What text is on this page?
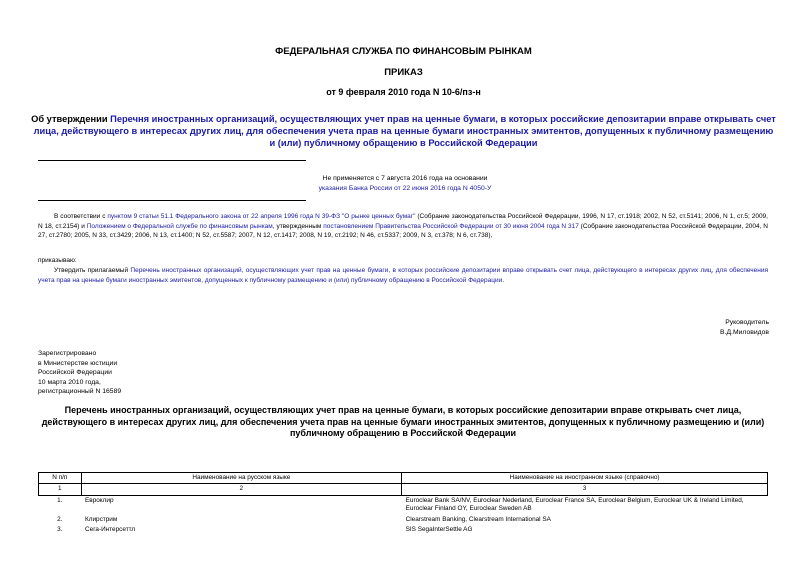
ФЕДЕРАЛЬНАЯ СЛУЖБА ПО ФИНАНСОВЫМ РЫНКАМ
ПРИКАЗ
от 9 февраля 2010 года N 10-6/пз-н
Об утверждении Перечня иностранных организаций, осуществляющих учет прав на ценные бумаги, в которых российские депозитарии вправе открывать счет лица, действующего в интересах других лиц, для обеспечения учета прав на ценные бумаги иностранных эмитентов, допущенных к публичному размещению и (или) публичному обращению в Российской Федерации
Не применяется с 7 августа 2016 года на основании
указания Банка России от 22 июня 2016 года N 4050-У
В соответствии с пунктом 9 статьи 51.1 Федерального закона от 22 апреля 1996 года N 39-ФЗ "О рынке ценных бумаг" (Собрание законодательства Российской Федерации, 1996, N 17, ст.1918; 2002, N 52, ст.5141; 2006, N 1, ст.5; 2009, N 18, ст.2154) и Положением о Федеральной службе по финансовым рынкам, утвержденным постановлением Правительства Российской Федерации от 30 июня 2004 года N 317 (Собрание законодательства Российской Федерации, 2004, N 27, ст.2780; 2005, N 33, ст.3429; 2006, N 13, ст.1400; N 52, ст.5587; 2007, N 12, ст.1417; 2008, N 19, ст.2192; N 46, ст.5337; 2009, N 3, ст.378; N 6, ст.738),
приказываю:
Утвердить прилагаемый Перечень иностранных организаций, осуществляющих учет прав на ценные бумаги, в которых российские депозитарии вправе открывать счет лица, действующего в интересах других лиц, для обеспечения учета прав на ценные бумаги иностранных эмитентов, допущенных к публичному размещению и (или) публичному обращению в Российской Федерации.
Руководитель
В.Д.Миловидов
Зарегистрировано
в Министерстве юстиции
Российской Федерации
10 марта 2010 года,
регистрационный N 16589
Перечень иностранных организаций, осуществляющих учет прав на ценные бумаги, в которых российские депозитарии вправе открывать счет лица, действующего в интересах других лиц, для обеспечения учета прав на ценные бумаги иностранных эмитентов, допущенных к публичному размещению и (или) публичному обращению в Российской Федерации
N п/п	Наименование на русском языке	Наименование на иностранном языке (справочно)
1	2	3
1.	Евроклир	Euroclear Bank SA/NV, Euroclear Nederland, Euroclear France SA, Euroclear Belgium, Euroclear UK & Ireland Limited, Euroclear Finland OY, Euroclear Sweden AB
2.	Клирстрим	Clearstream Banking, Clearstream International SA
3.	Сега-Интерсеттл	SIS SegaInterSettle AG
